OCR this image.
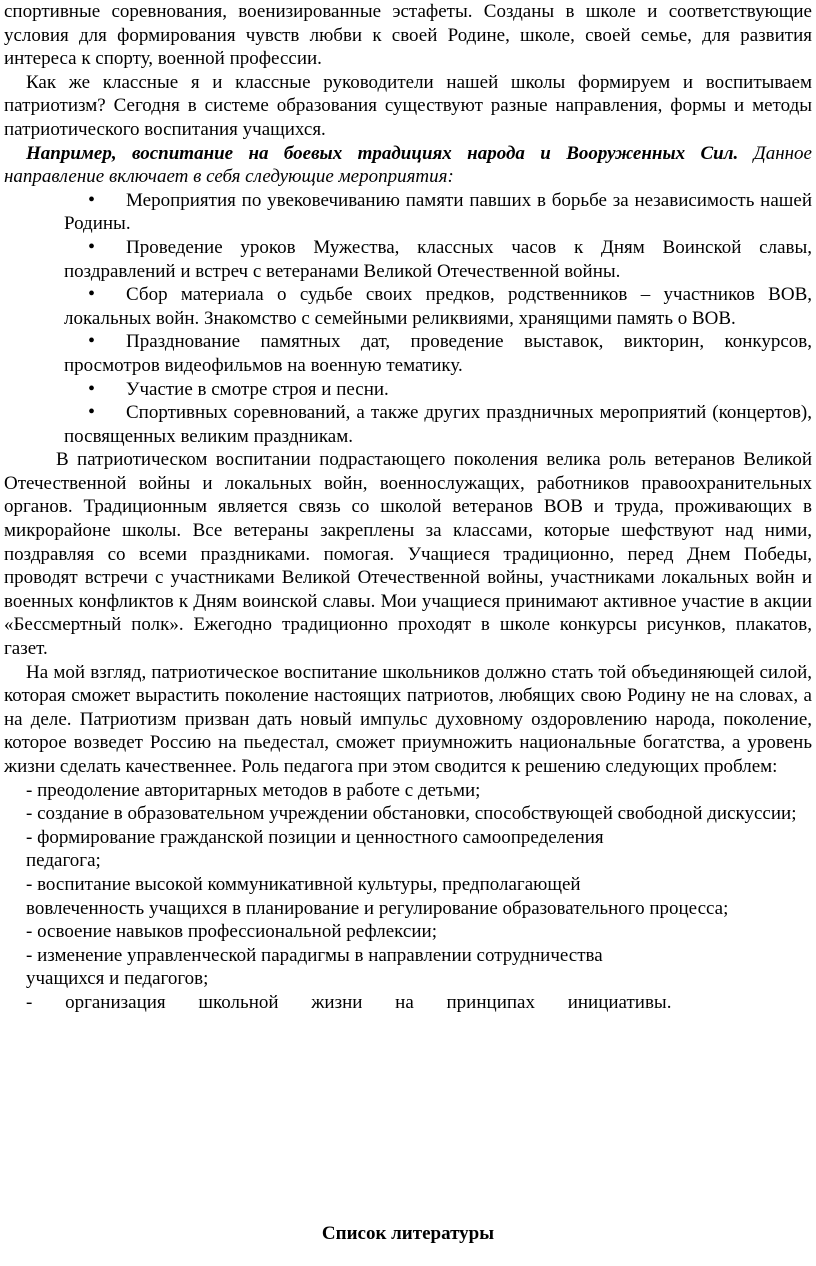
спортивные соревнования, военизированные эстафеты. Созданы в школе и соответствующие условия для формирования чувств любви к своей Родине, школе, своей семье, для развития интереса к спорту, военной профессии.

Как же классные я и классные руководители нашей школы формируем и воспитываем патриотизм? Сегодня в системе образования существуют разные направления, формы и методы патриотического воспитания учащихся.

Например, воспитание на боевых традициях народа и Вооруженных Сил. Данное направление включает в себя следующие мероприятия:

• Мероприятия по увековечиванию памяти павших в борьбе за независимость нашей Родины.
• Проведение уроков Мужества, классных часов к Дням Воинской славы, поздравлений и встреч с ветеранами Великой Отечественной войны.
• Сбор материала о судьбе своих предков, родственников – участников ВОВ, локальных войн. Знакомство с семейными реликвиями, хранящими память о ВОВ.
• Празднование памятных дат, проведение выставок, викторин, конкурсов, просмотров видеофильмов на военную тематику.
• Участие в смотре строя и песни.
• Спортивных соревнований, а также других праздничных мероприятий (концертов), посвященных великим праздникам.

В патриотическом воспитании подрастающего поколения велика роль ветеранов Великой Отечественной войны и локальных войн, военнослужащих, работников правоохранительных органов. Традиционным является связь со школой ветеранов ВОВ и труда, проживающих в микрорайоне школы. Все ветераны закреплены за классами, которые шефствуют над ними, поздравляя со всеми праздниками. помогая. Учащиеся традиционно, перед Днем Победы, проводят встречи с участниками Великой Отечественной войны, участниками локальных войн и военных конфликтов к Дням воинской славы. Мои учащиеся принимают активное участие в акции «Бессмертный полк». Ежегодно традиционно проходят в школе конкурсы рисунков, плакатов, газет.

На мой взгляд, патриотическое воспитание школьников должно стать той объединяющей силой, которая сможет вырастить поколение настоящих патриотов, любящих свою Родину не на словах, а на деле. Патриотизм призван дать новый импульс духовному оздоровлению народа, поколение, которое возведет Россию на пьедестал, сможет приумножить национальные богатства, а уровень жизни сделать качественнее. Роль педагога при этом сводится к решению следующих проблем:

- преодоление авторитарных методов в работе с детьми;

- создание в образовательном учреждении обстановки, способствующей свободной дискуссии;

- формирование гражданской позиции и ценностного самоопределения

педагога;

- воспитание высокой коммуникативной культуры, предполагающей

вовлеченность учащихся в планирование и регулирование образовательного процесса;

- освоение навыков профессиональной рефлексии;

- изменение управленческой парадигмы в направлении сотрудничества

учащихся и педагогов;

- организация школьной жизни на принципах инициативы.

Список литературы
